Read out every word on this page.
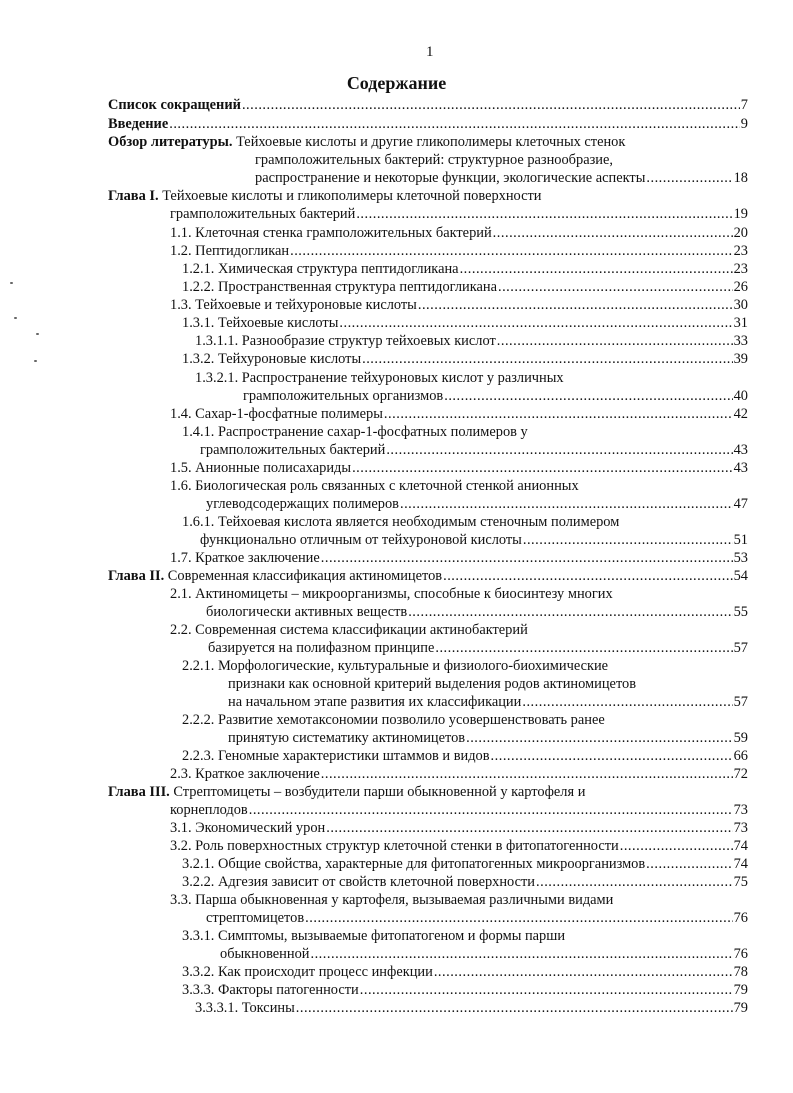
1
Содержание
Список сокращений .....	7
Введение .....	9
Обзор литературы. Тейхоевые кислоты и другие гликополимеры клеточных стенок
грамположительных бактерий: структурное разнообразие,
распространение и некоторые функции, экологические аспекты .....	18
Глава I. Тейхоевые кислоты и гликополимеры клеточной поверхности
грамположительных бактерий .....	19
1.1. Клеточная стенка грамположительных бактерий .....	20
1.2. Пептидогликан .....	23
1.2.1. Химическая структура пептидогликана .....	23
1.2.2. Пространственная структура пептидогликана .....	26
1.3. Тейхоевые и тейхуроновые кислоты .....	30
1.3.1. Тейхоевые кислоты .....	31
1.3.1.1. Разнообразие структур тейхоевых кислот .....	33
1.3.2. Тейхуроновые кислоты .....	39
1.3.2.1. Распространение тейхуроновых кислот у различных
грамположительных организмов .....	40
1.4. Сахар-1-фосфатные полимеры .....	42
1.4.1. Распространение сахар-1-фосфатных полимеров у
грамположительных бактерий .....	43
1.5. Анионные полисахариды .....	43
1.6. Биологическая роль связанных с клеточной стенкой анионных
углеводсодержащих полимеров .....	47
1.6.1. Тейхоевая кислота является необходимым стеночным полимером
функционально отличным от тейхуроновой кислоты .....	51
1.7. Краткое заключение .....	53
Глава II. Современная классификация актиномицетов .....	54
2.1. Актиномицеты – микроорганизмы, способные к биосинтезу многих
биологически активных веществ .....	55
2.2. Современная система классификации актинобактерий
базируется на полифазном принципе .....	57
2.2.1. Морфологические, культуральные и физиолого-биохимические
признаки как основной критерий выделения родов актиномицетов
на начальном этапе развития их классификации .....	57
2.2.2. Развитие хемотаксономии позволило усовершенствовать ранее
принятую систематику актиномицетов .....	59
2.2.3. Геномные характеристики штаммов и видов .....	66
2.3. Краткое заключение .....	72
Глава III. Стрептомицеты – возбудители парши обыкновенной у картофеля и
корнеплодов .....	73
3.1. Экономический урон .....	73
3.2. Роль поверхностных структур клеточной стенки в фитопатогенности .....	74
3.2.1. Общие свойства, характерные для фитопатогенных микроорганизмов .....	74
3.2.2. Адгезия зависит от свойств клеточной поверхности .....	75
3.3. Парша обыкновенная у картофеля, вызываемая различными видами
стрептомицетов .....	76
3.3.1. Симптомы, вызываемые фитопатогеном и формы парши
обыкновенной .....	76
3.3.2. Как происходит процесс инфекции .....	78
3.3.3. Факторы патогенности .....	79
3.3.3.1. Токсины .....	79
